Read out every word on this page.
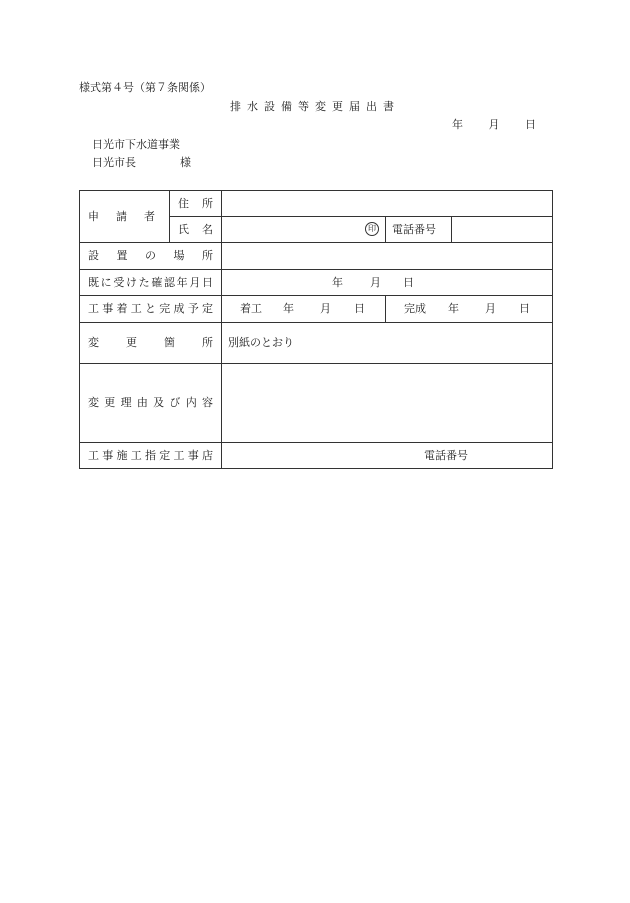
様式第４号（第７条関係）
排水設備等変更届出書
年 月 日
日光市下水道事業
日光市長	様
申請者	住所			

	氏名	印	電話番号	

設置の場所				

既に受けた確認年月日		年 月 日		

工事着工と完成予定		着工 年 月 日	完成 年 月 日	

変更箇所		別紙のとおり		

変更理由及び内容				

工事施工指定工事店		電話番号		
